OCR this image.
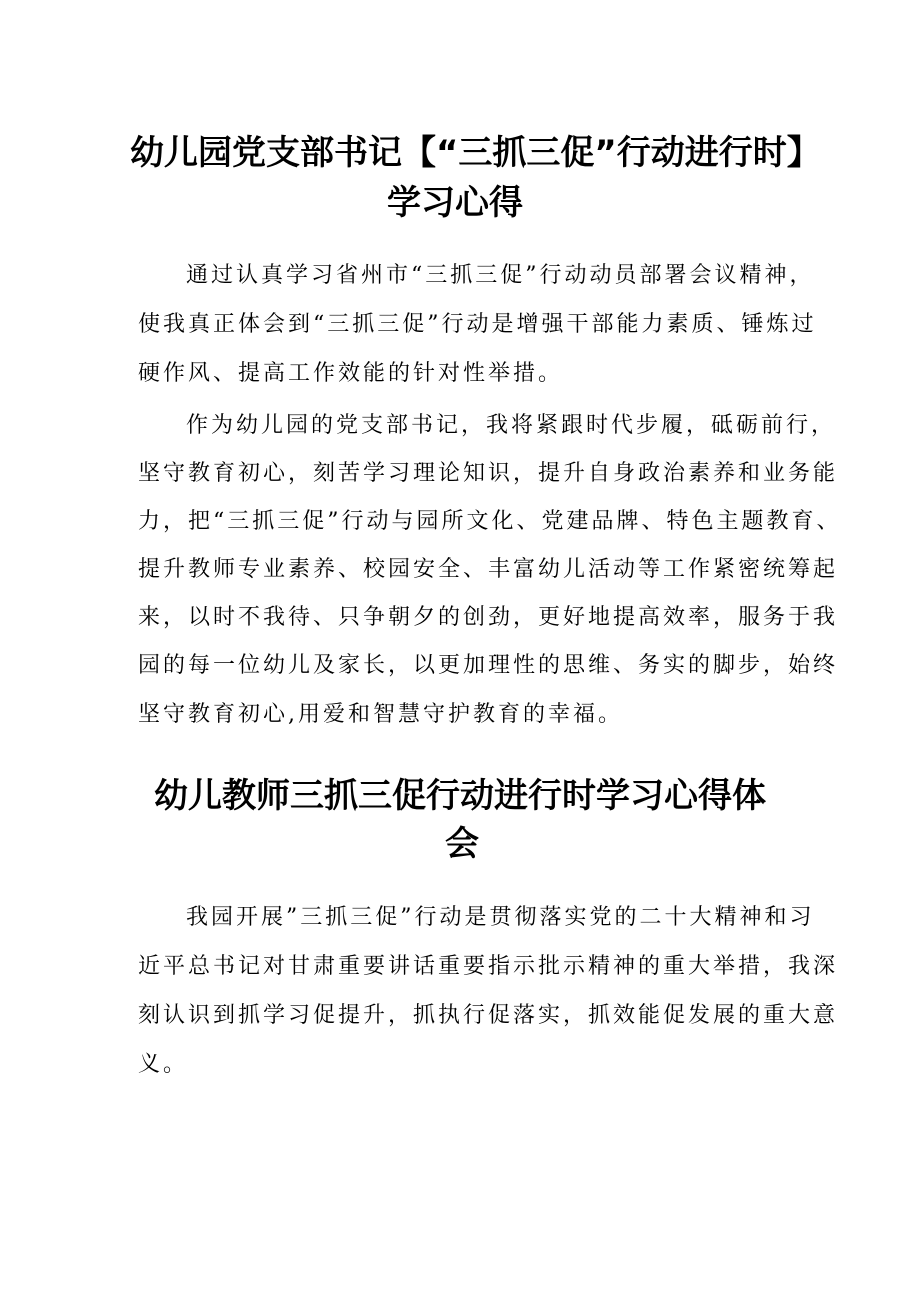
幼儿园党支部书记【“三抓三促”行动进行时】
学习心得
通过认真学习省州市“三抓三促”行动动员部署会议精神，
使我真正体会到“三抓三促”行动是增强干部能力素质、锤炼过
硬作风、提高工作效能的针对性举措。
作为幼儿园的党支部书记，我将紧跟时代步履，砥砺前行，
坚守教育初心，刻苦学习理论知识，提升自身政治素养和业务能
力，把“三抓三促”行动与园所文化、党建品牌、特色主题教育、
提升教师专业素养、校园安全、丰富幼儿活动等工作紧密统筹起
来，以时不我待、只争朝夕的创劲，更好地提高效率，服务于我
园的每一位幼儿及家长，以更加理性的思维、务实的脚步，始终
坚守教育初心,用爱和智慧守护教育的幸福。
幼儿教师三抓三促行动进行时学习心得体
会
我园开展”三抓三促”行动是贯彻落实党的二十大精神和习
近平总书记对甘肃重要讲话重要指示批示精神的重大举措，我深
刻认识到抓学习促提升，抓执行促落实，抓效能促发展的重大意
义。
